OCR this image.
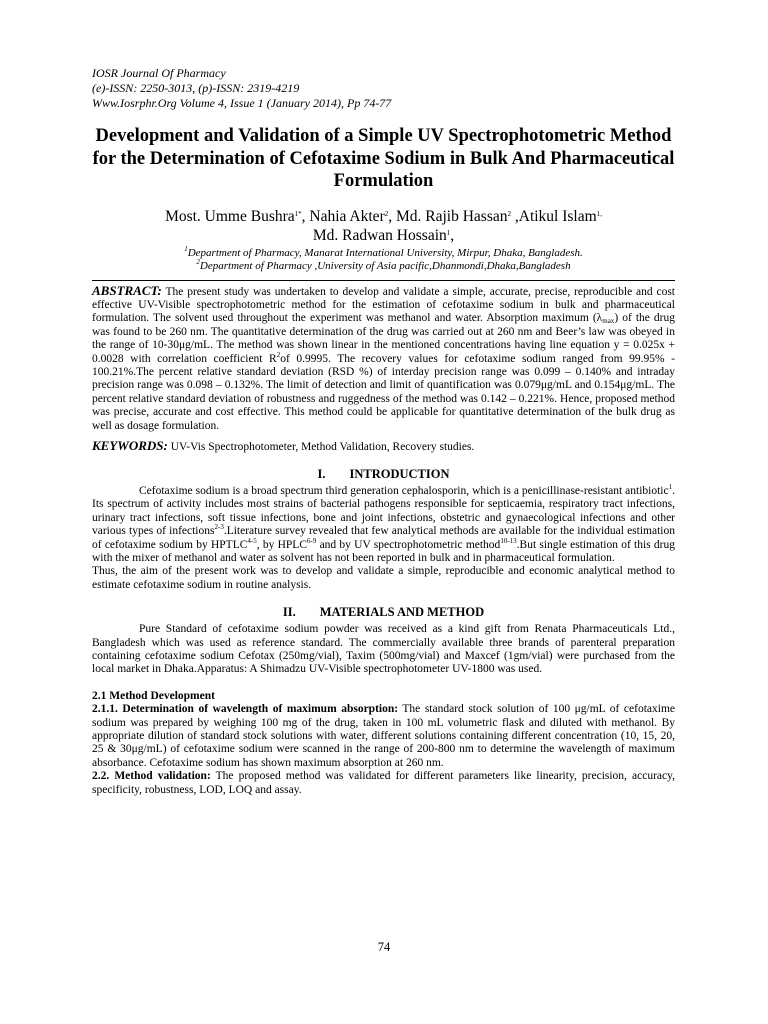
IOSR Journal Of Pharmacy
(e)-ISSN: 2250-3013, (p)-ISSN: 2319-4219
Www.Iosrphr.Org Volume 4, Issue 1 (January 2014), Pp 74-77
Development and Validation of a Simple UV Spectrophotometric Method for the Determination of Cefotaxime Sodium in Bulk And Pharmaceutical Formulation
Most. Umme Bushra$^{1*}$, Nahia Akter$^2$, Md. Rajib Hassan$^2$ ,Atikul Islam$^{1,}$
Md. Radwan Hossain$^1$,
$^1$Department of Pharmacy, Manarat International University, Mirpur, Dhaka, Bangladesh.
$^2$Department of Pharmacy ,University of Asia pacific,Dhanmondi,Dhaka,Bangladesh
ABSTRACT: The present study was undertaken to develop and validate a simple, accurate, precise, reproducible and cost effective UV-Visible spectrophotometric method for the estimation of cefotaxime sodium in bulk and pharmaceutical formulation. The solvent used throughout the experiment was methanol and water. Absorption maximum $(\lambda_{max})$ of the drug was found to be 260 nm. The quantitative determination of the drug was carried out at 260 nm and Beer’s law was obeyed in the range of 10-30μg/mL. The method was shown linear in the mentioned concentrations having line equation y = 0.025x + 0.0028 with correlation coefficient $R^2of$ 0.9995. The recovery values for cefotaxime sodium ranged from 99.95% - 100.21%.The percent relative standard deviation (RSD %) of interday precision range was 0.099 – 0.140% and intraday precision range was 0.098 – 0.132%. The limit of detection and limit of quantification was 0.079μg/mL and 0.154μg/mL. The percent relative standard deviation of robustness and ruggedness of the method was 0.142 – 0.221%. Hence, proposed method was precise, accurate and cost effective. This method could be applicable for quantitative determination of the bulk drug as well as dosage formulation.
KEYWORDS: UV-Vis Spectrophotometer, Method Validation, Recovery studies.
I. INTRODUCTION

Cefotaxime sodium is a broad spectrum third generation cephalosporin, which is a penicillinase-resistant antibiotic$^1$. Its spectrum of activity includes most strains of bacterial pathogens responsible for septicaemia, respiratory tract infections, urinary tract infections, soft tissue infections, bone and joint infections, obstetric and gynaecological infections and other various types of infections$^{2-3}$.Literature survey revealed that few analytical methods are available for the individual estimation of cefotaxime sodium by HPTLC$^{4-5}$, by HPLC$^{6-9}$ and by UV spectrophotometric method$^{10-13}$.But single estimation of this drug with the mixer of methanol and water as solvent has not been reported in bulk and in pharmaceutical formulation.

Thus, the aim of the present work was to develop and validate a simple, reproducible and economic analytical method to estimate cefotaxime sodium in routine analysis.

II. MATERIALS AND METHOD

Pure Standard of cefotaxime sodium powder was received as a kind gift from Renata Pharmaceuticals Ltd., Bangladesh which was used as reference standard. The commercially available three brands of parenteral preparation containing cefotaxime sodium Cefotax (250mg/vial), Taxim (500mg/vial) and Maxcef (1gm/vial) were purchased from the local market in Dhaka.Apparatus: A Shimadzu UV-Visible spectrophotometer UV-1800 was used.

2.1 Method Development

2.1.1. Determination of wavelength of maximum absorption: The standard stock solution of 100 μg/mL of cefotaxime sodium was prepared by weighing 100 mg of the drug, taken in 100 mL volumetric flask and diluted with methanol. By appropriate dilution of standard stock solutions with water, different solutions containing different concentration (10, 15, 20, 25 & 30μg/mL) of cefotaxime sodium were scanned in the range of 200-800 nm to determine the wavelength of maximum absorbance. Cefotaxime sodium has shown maximum absorption at 260 nm.

2.2. Method validation: The proposed method was validated for different parameters like linearity, precision, accuracy, specificity, robustness, LOD, LOQ and assay.

74
